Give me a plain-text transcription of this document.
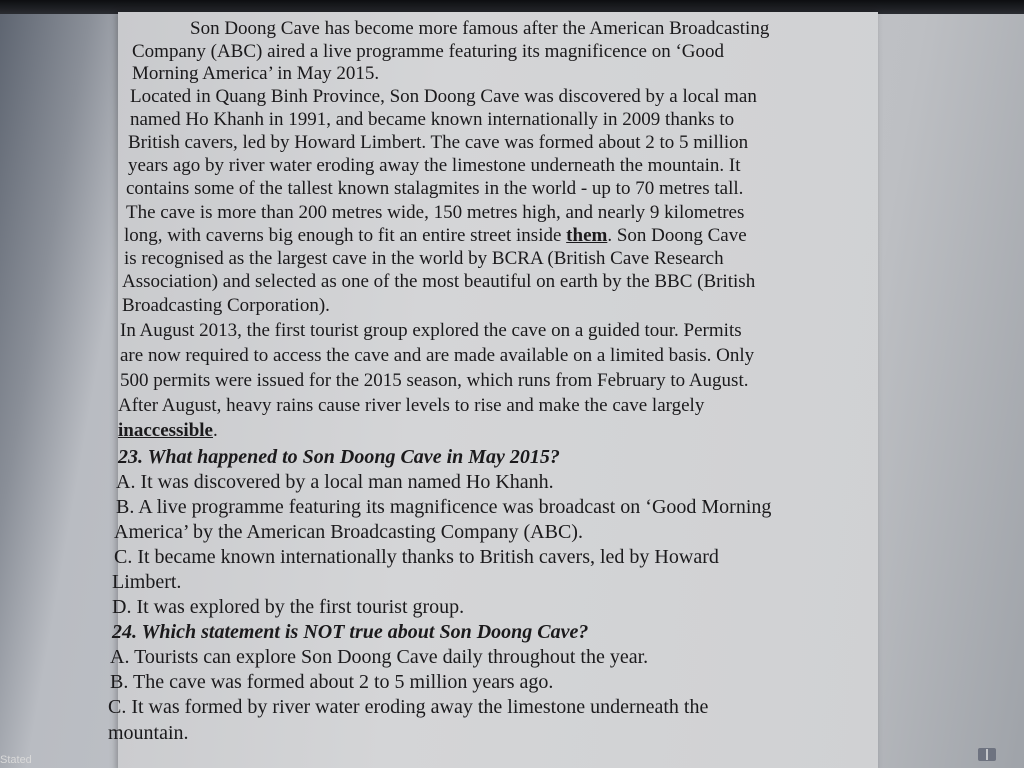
Son Doong Cave has become more famous after the American Broadcasting
Company (ABC) aired a live programme featuring its magnificence on ‘Good
Morning America’ in May 2015.
Located in Quang Binh Province, Son Doong Cave was discovered by a local man
named Ho Khanh in 1991, and became known internationally in 2009 thanks to
British cavers, led by Howard Limbert. The cave was formed about 2 to 5 million
years ago by river water eroding away the limestone underneath the mountain. It
contains some of the tallest known stalagmites in the world - up to 70 metres tall.
The cave is more than 200 metres wide, 150 metres high, and nearly 9 kilometres
long, with caverns big enough to fit an entire street inside them. Son Doong Cave
is recognised as the largest cave in the world by BCRA (British Cave Research
Association) and selected as one of the most beautiful on earth by the BBC (British
Broadcasting Corporation).
In August 2013, the first tourist group explored the cave on a guided tour. Permits
are now required to access the cave and are made available on a limited basis. Only
500 permits were issued for the 2015 season, which runs from February to August.
After August, heavy rains cause river levels to rise and make the cave largely
inaccessible.
23. What happened to Son Doong Cave in May 2015?
A. It was discovered by a local man named Ho Khanh.
B. A live programme featuring its magnificence was broadcast on ‘Good Morning
America’ by the American Broadcasting Company (ABC).
C. It became known internationally thanks to British cavers, led by Howard
Limbert.
D. It was explored by the first tourist group.
24. Which statement is NOT true about Son Doong Cave?
A. Tourists can explore Son Doong Cave daily throughout the year.
B. The cave was formed about 2 to 5 million years ago.
C. It was formed by river water eroding away the limestone underneath the
mountain.
Stated
